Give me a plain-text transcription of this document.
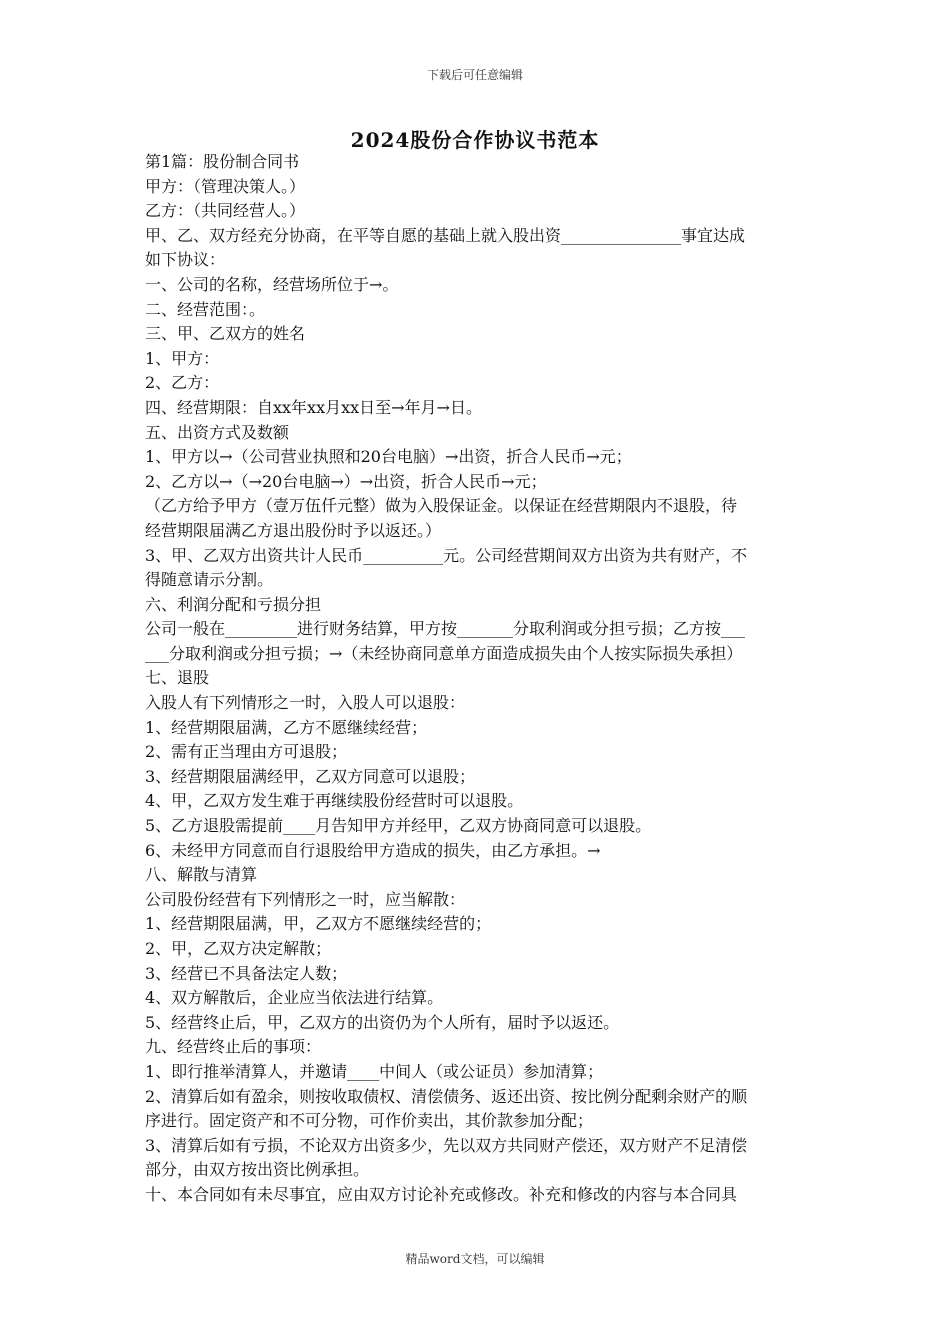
下载后可任意编辑
2024股份合作协议书范本
第1篇：股份制合同书
甲方：（管理决策人。）
乙方：（共同经营人。）
甲、乙、双方经充分协商，在平等自愿的基础上就入股出资_______________事宜达成
如下协议：
一、公司的名称，经营场所位于→。
二、经营范围：。
三、甲、乙双方的姓名
1、甲方：
2、乙方：
四、经营期限：自xx年xx月xx日至→年月→日。
五、出资方式及数额
1、甲方以→（公司营业执照和20台电脑）→出资，折合人民币→元；
2、乙方以→（→20台电脑→）→出资，折合人民币→元；
（乙方给予甲方（壹万伍仟元整）做为入股保证金。以保证在经营期限内不退股，待
经营期限届满乙方退出股份时予以返还。）
3、甲、乙双方出资共计人民币__________元。公司经营期间双方出资为共有财产，不
得随意请示分割。
六、利润分配和亏损分担
公司一般在_________进行财务结算，甲方按_______分取利润或分担亏损；乙方按___
___分取利润或分担亏损；→（未经协商同意单方面造成损失由个人按实际损失承担）
七、退股
入股人有下列情形之一时，入股人可以退股：
1、经营期限届满，乙方不愿继续经营；
2、需有正当理由方可退股；
3、经营期限届满经甲，乙双方同意可以退股；
4、甲，乙双方发生难于再继续股份经营时可以退股。
5、乙方退股需提前____月告知甲方并经甲，乙双方协商同意可以退股。
6、未经甲方同意而自行退股给甲方造成的损失，由乙方承担。→
八、解散与清算
公司股份经营有下列情形之一时，应当解散：
1、经营期限届满，甲，乙双方不愿继续经营的；
2、甲，乙双方决定解散；
3、经营已不具备法定人数；
4、双方解散后，企业应当依法进行结算。
5、经营终止后，甲，乙双方的出资仍为个人所有，届时予以返还。
九、经营终止后的事项：
1、即行推举清算人，并邀请____中间人（或公证员）参加清算；
2、清算后如有盈余，则按收取债权、清偿债务、返还出资、按比例分配剩余财产的顺
序进行。固定资产和不可分物，可作价卖出，其价款参加分配；
3、清算后如有亏损，不论双方出资多少，先以双方共同财产偿还，双方财产不足清偿
部分，由双方按出资比例承担。
十、本合同如有未尽事宜，应由双方讨论补充或修改。补充和修改的内容与本合同具
精品word文档，可以编辑
